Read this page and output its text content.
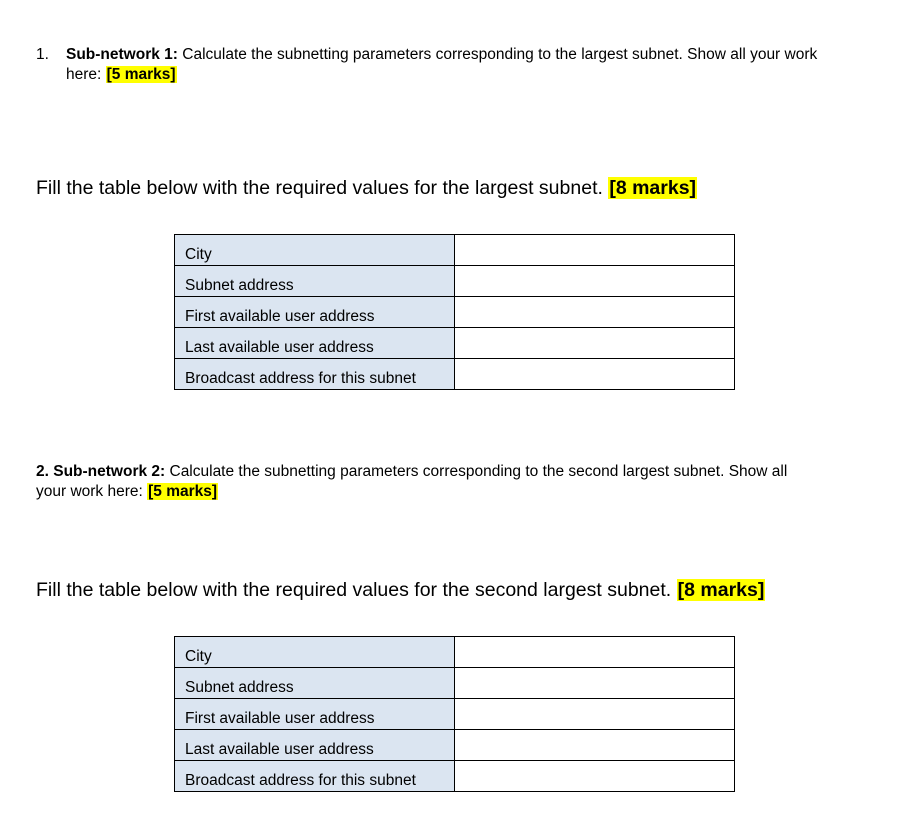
1. Sub-network 1: Calculate the subnetting parameters corresponding to the largest subnet. Show all your work
here: [5 marks]
Fill the table below with the required values for the largest subnet. [8 marks]
City	
Subnet address	
First available user address	
Last available user address	
Broadcast address for this subnet	
2. Sub-network 2: Calculate the subnetting parameters corresponding to the second largest subnet. Show all
your work here: [5 marks]
Fill the table below with the required values for the second largest subnet. [8 marks]
City	
Subnet address	
First available user address	
Last available user address	
Broadcast address for this subnet	
